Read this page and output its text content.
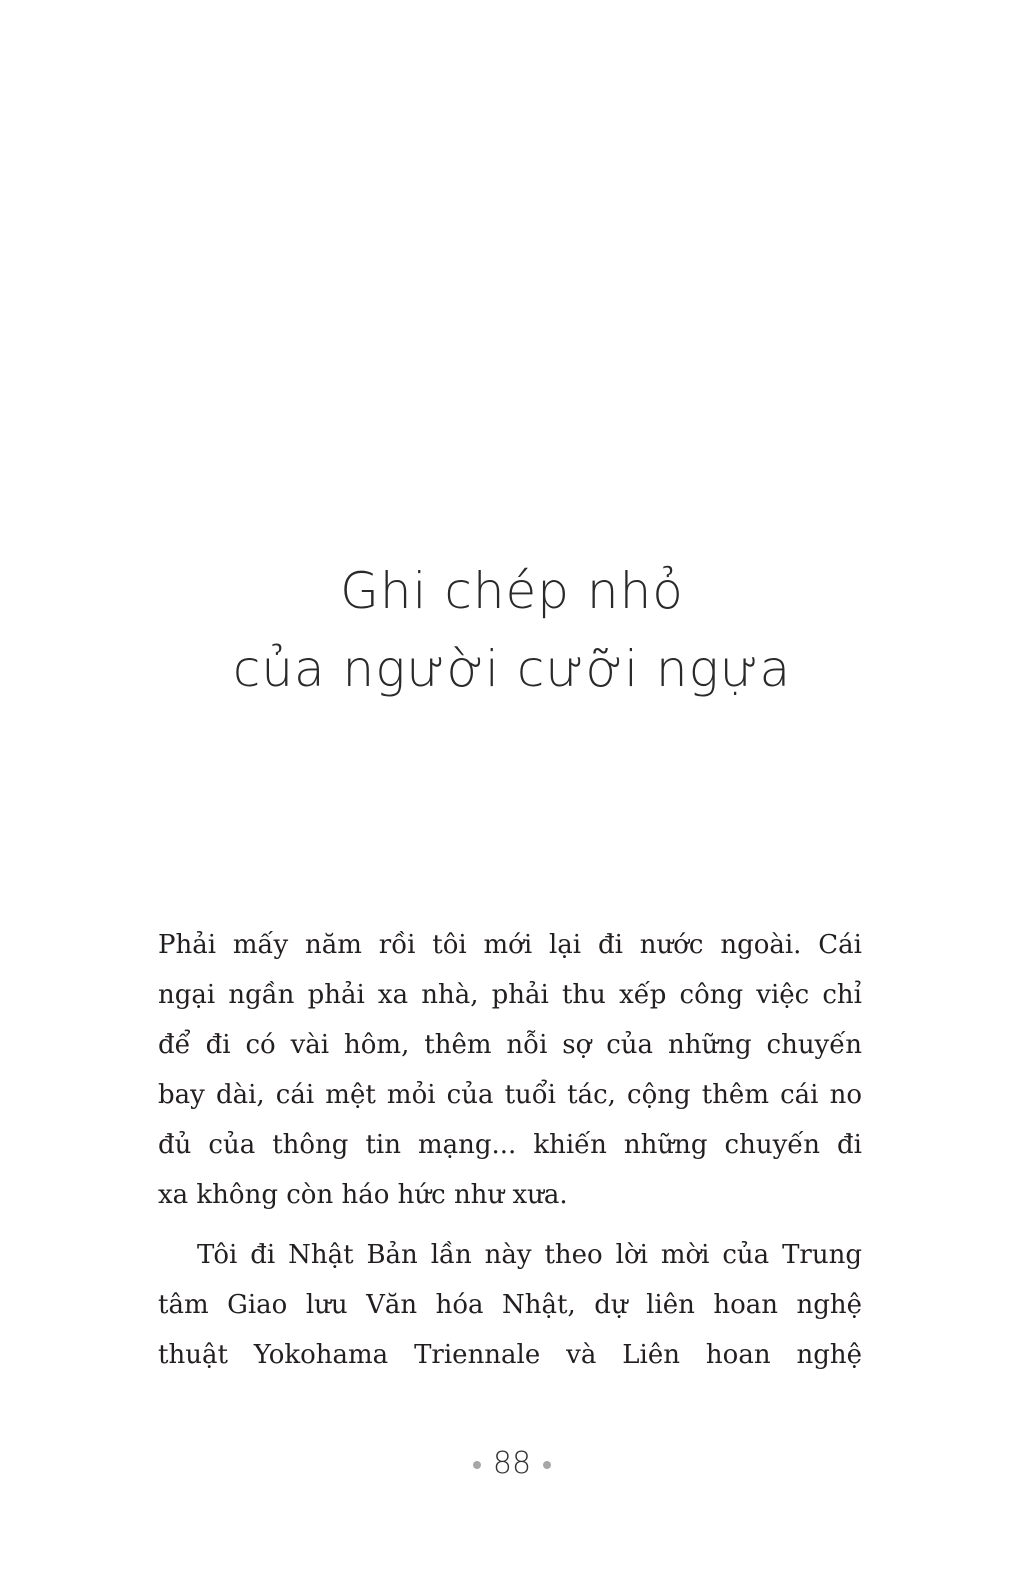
Ghi chép nhỏ
của người cưỡi ngựa
Phải mấy năm rồi tôi mới lại đi nước ngoài. Cái
ngại ngần phải xa nhà, phải thu xếp công việc chỉ
để đi có vài hôm, thêm nỗi sợ của những chuyến
bay dài, cái mệt mỏi của tuổi tác, cộng thêm cái no
đủ của thông tin mạng... khiến những chuyến đi
xa không còn háo hức như xưa.
Tôi đi Nhật Bản lần này theo lời mời của Trung
tâm Giao lưu Văn hóa Nhật, dự liên hoan nghệ
thuật Yokohama Triennale và Liên hoan nghệ
88
